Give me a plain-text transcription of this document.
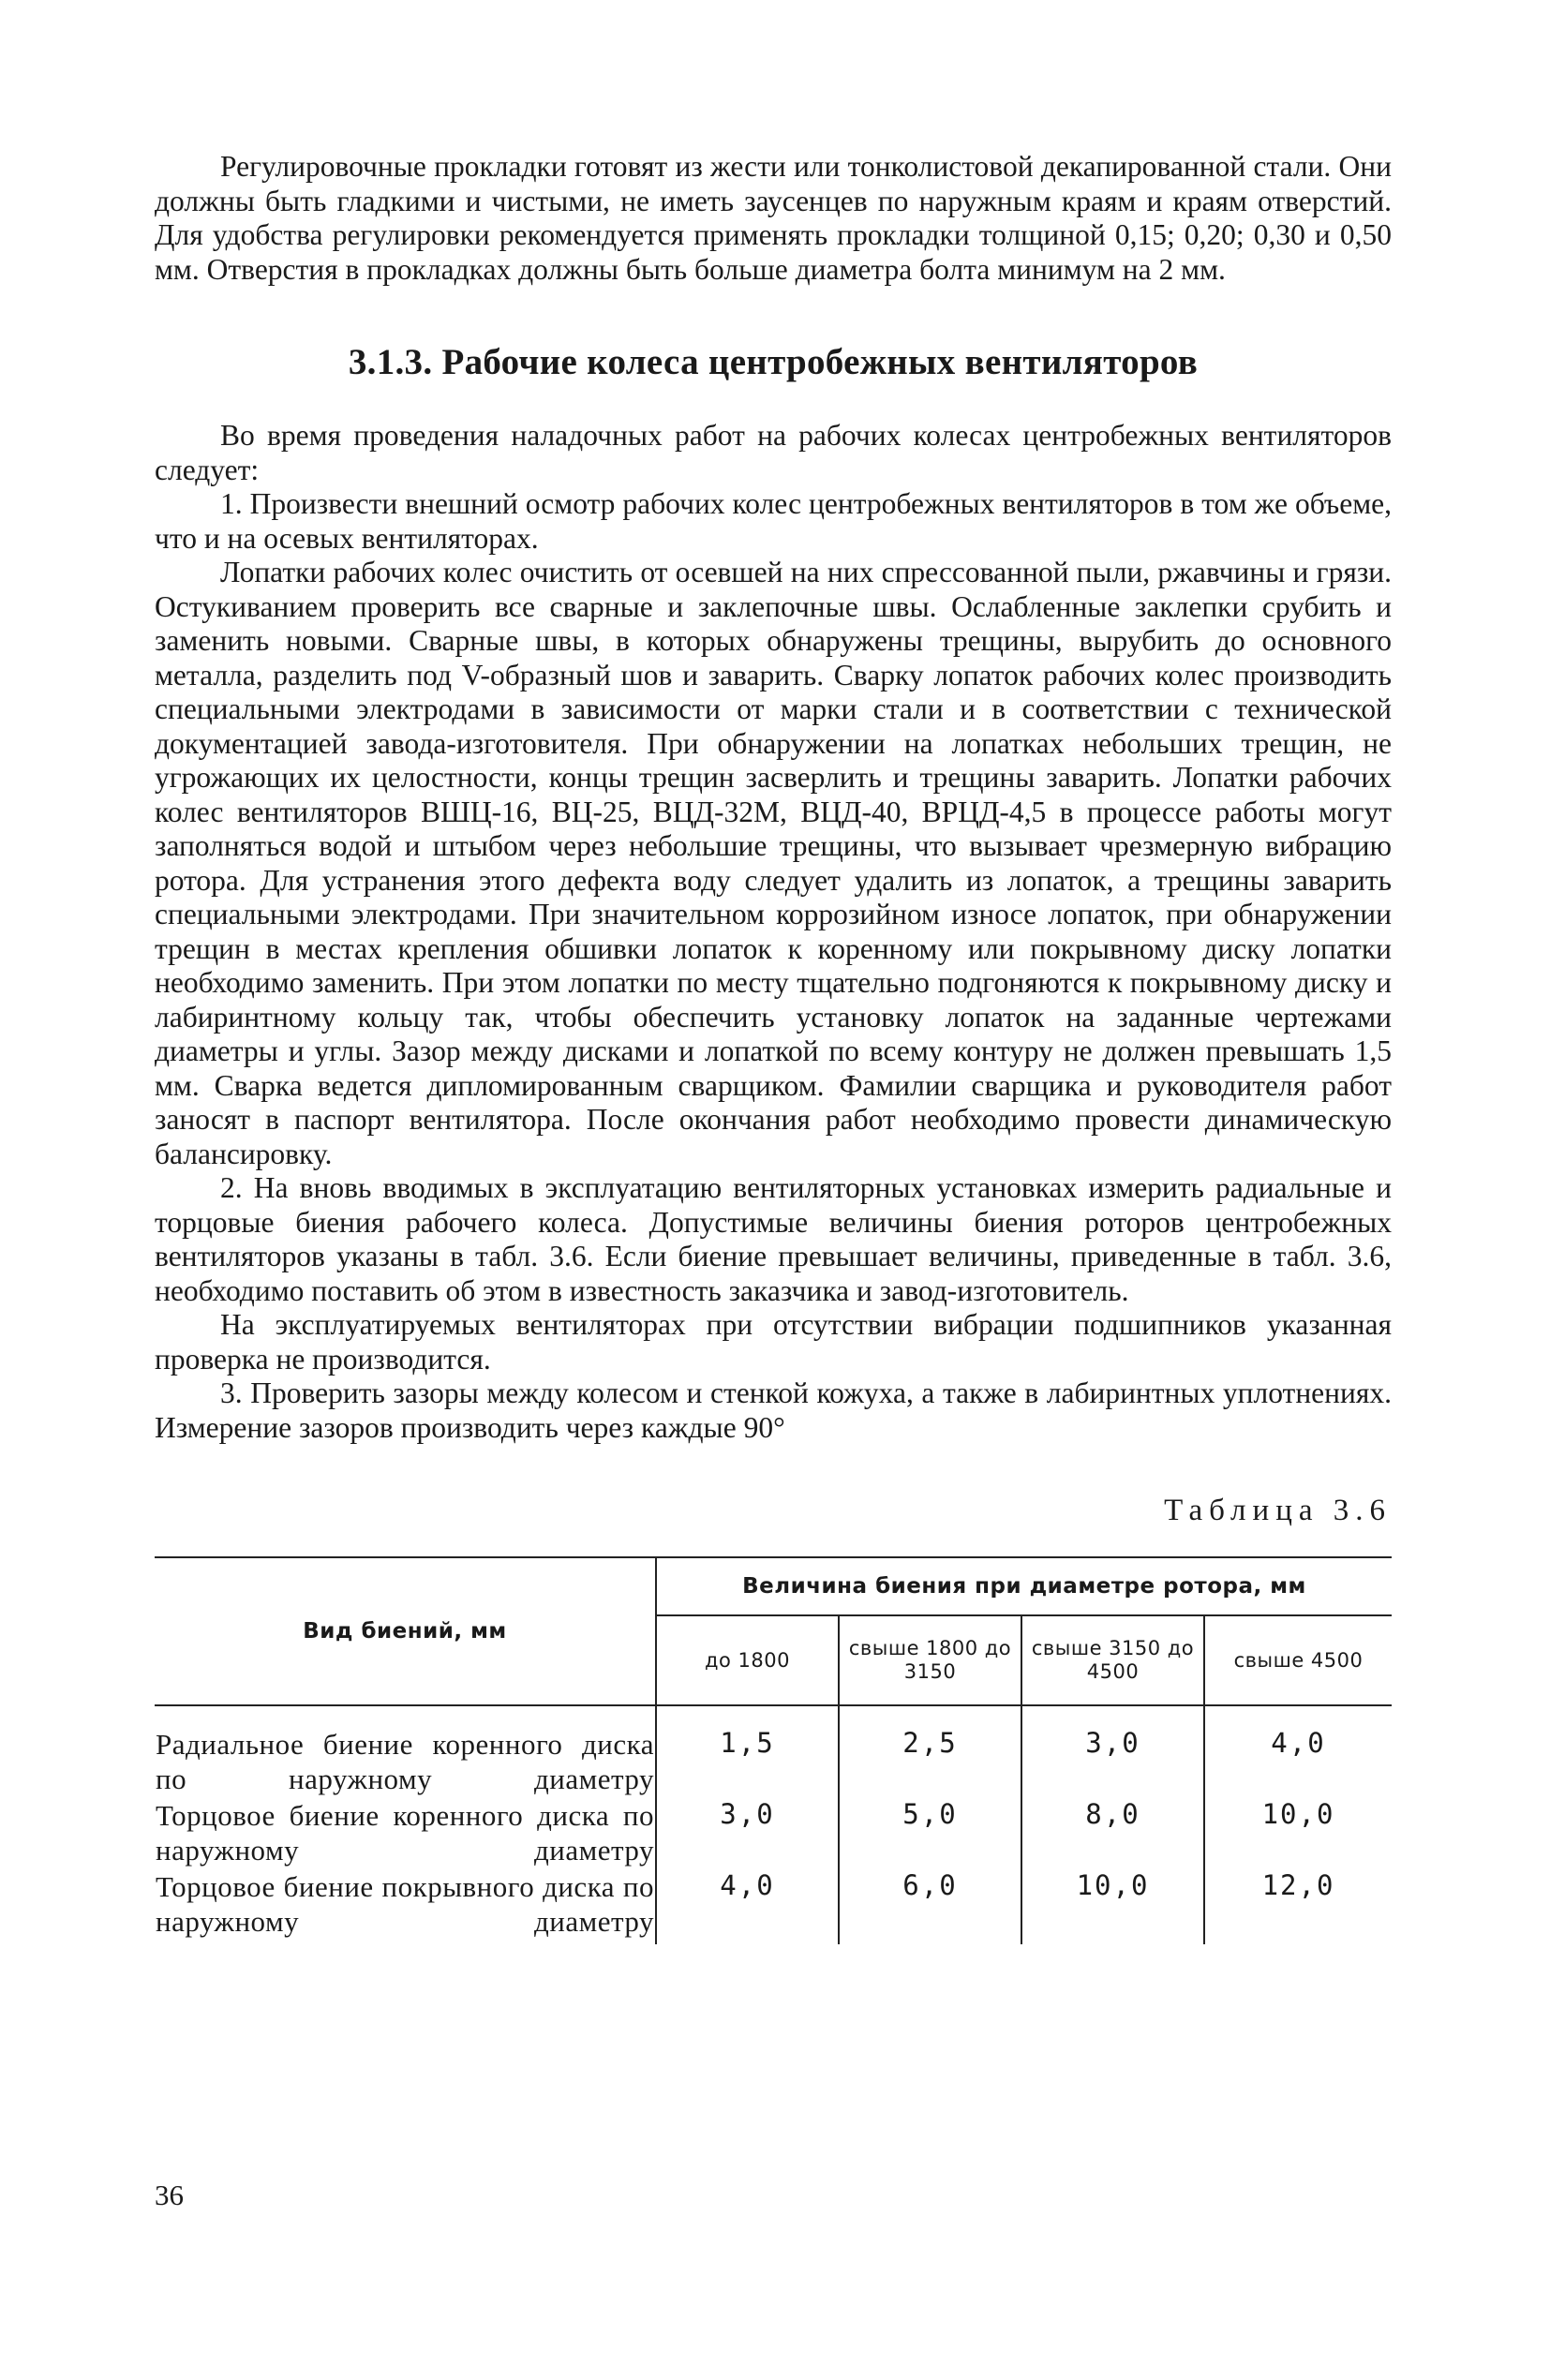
Регулировочные прокладки готовят из жести или тонколистовой декапированной стали. Они должны быть гладкими и чистыми, не иметь заусенцев по наружным краям и краям отверстий. Для удобства регулировки рекомендуется применять прокладки толщиной 0,15; 0,20; 0,30 и 0,50 мм. Отверстия в прокладках должны быть больше диаметра болта минимум на 2 мм.

3.1.3. Рабочие колеса центробежных вентиляторов

Во время проведения наладочных работ на рабочих колесах центробежных вентиляторов следует:

1. Произвести внешний осмотр рабочих колес центробежных вентиляторов в том же объеме, что и на осевых вентиляторах.

Лопатки рабочих колес очистить от осевшей на них спрессованной пыли, ржавчины и грязи. Остукиванием проверить все сварные и заклепочные швы. Ослабленные заклепки срубить и заменить новыми. Сварные швы, в которых обнаружены трещины, вырубить до основного металла, разделить под V-образный шов и заварить. Сварку лопаток рабочих колес производить специальными электродами в зависимости от марки стали и в соответствии с технической документацией завода-изготовителя. При обнаружении на лопатках небольших трещин, не угрожающих их целостности, концы трещин засверлить и трещины заварить. Лопатки рабочих колес вентиляторов ВШЦ-16, ВЦ-25, ВЦД-32М, ВЦД-40, ВРЦД-4,5 в процессе работы могут заполняться водой и штыбом через небольшие трещины, что вызывает чрезмерную вибрацию ротора. Для устранения этого дефекта воду следует удалить из лопаток, а трещины заварить специальными электродами. При значительном коррозийном износе лопаток, при обнаружении трещин в местах крепления обшивки лопаток к коренному или покрывному диску лопатки необходимо заменить. При этом лопатки по месту тщательно подгоняются к покрывному диску и лабиринтному кольцу так, чтобы обеспечить установку лопаток на заданные чертежами диаметры и углы. Зазор между дисками и лопаткой по всему контуру не должен превышать 1,5 мм. Сварка ведется дипломированным сварщиком. Фамилии сварщика и руководителя работ заносят в паспорт вентилятора. После окончания работ необходимо провести динамическую балансировку.

2. На вновь вводимых в эксплуатацию вентиляторных установках измерить радиальные и торцовые биения рабочего колеса. Допустимые величины биения роторов центробежных вентиляторов указаны в табл. 3.6. Если биение превышает величины, приведенные в табл. 3.6, необходимо поставить об этом в известность заказчика и завод-изготовитель.

На эксплуатируемых вентиляторах при отсутствии вибрации подшипников указанная проверка не производится.

3. Проверить зазоры между колесом и стенкой кожуха, а также в лабиринтных уплотнениях. Измерение зазоров производить через каждые 90°

Таблица 3.6
Вид биений, мм	Величина биения при диаметре ротора, мм			
	до 1800	свыше 1800 до 3150	свыше 3150 до 4500	свыше 4500
Радиальное биение коренного диска по наружному диаметру	1,5	2,5	3,0	4,0
Торцовое биение коренного диска по наружному диаметру	3,0	5,0	8,0	10,0
Торцовое биение покрывного диска по наружному диаметру	4,0	6,0	10,0	12,0
36
